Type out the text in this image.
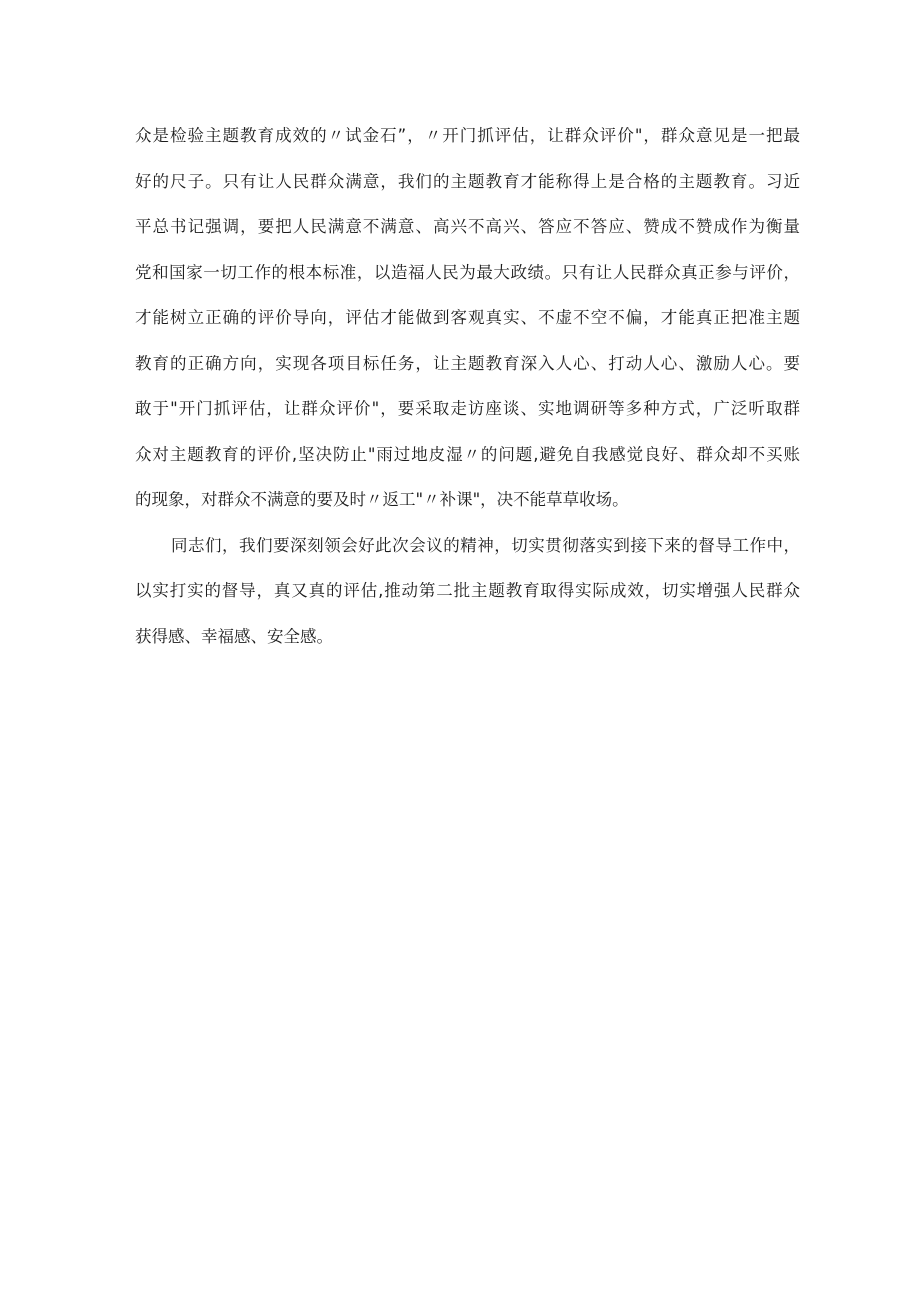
众是检验主题教育成效的〃试金石”，〃开门抓评估，让群众评价"，群众意见是一把最
好的尺子。只有让人民群众满意，我们的主题教育才能称得上是合格的主题教育。习近
平总书记强调，要把人民满意不满意、高兴不高兴、答应不答应、赞成不赞成作为衡量
党和国家一切工作的根本标准，以造福人民为最大政绩。只有让人民群众真正参与评价，
才能树立正确的评价导向，评估才能做到客观真实、不虚不空不偏，才能真正把准主题
教育的正确方向，实现各项目标任务，让主题教育深入人心、打动人心、激励人心。要
敢于"开门抓评估，让群众评价"，要采取走访座谈、实地调研等多种方式，广泛听取群
众对主题教育的评价,坚决防止"雨过地皮湿〃的问题,避免自我感觉良好、群众却不买账
的现象，对群众不满意的要及时〃返工"〃补课"，决不能草草收场。
同志们，我们要深刻领会好此次会议的精神，切实贯彻落实到接下来的督导工作中，
以实打实的督导，真又真的评估,推动第二批主题教育取得实际成效，切实增强人民群众
获得感、幸福感、安全感。
